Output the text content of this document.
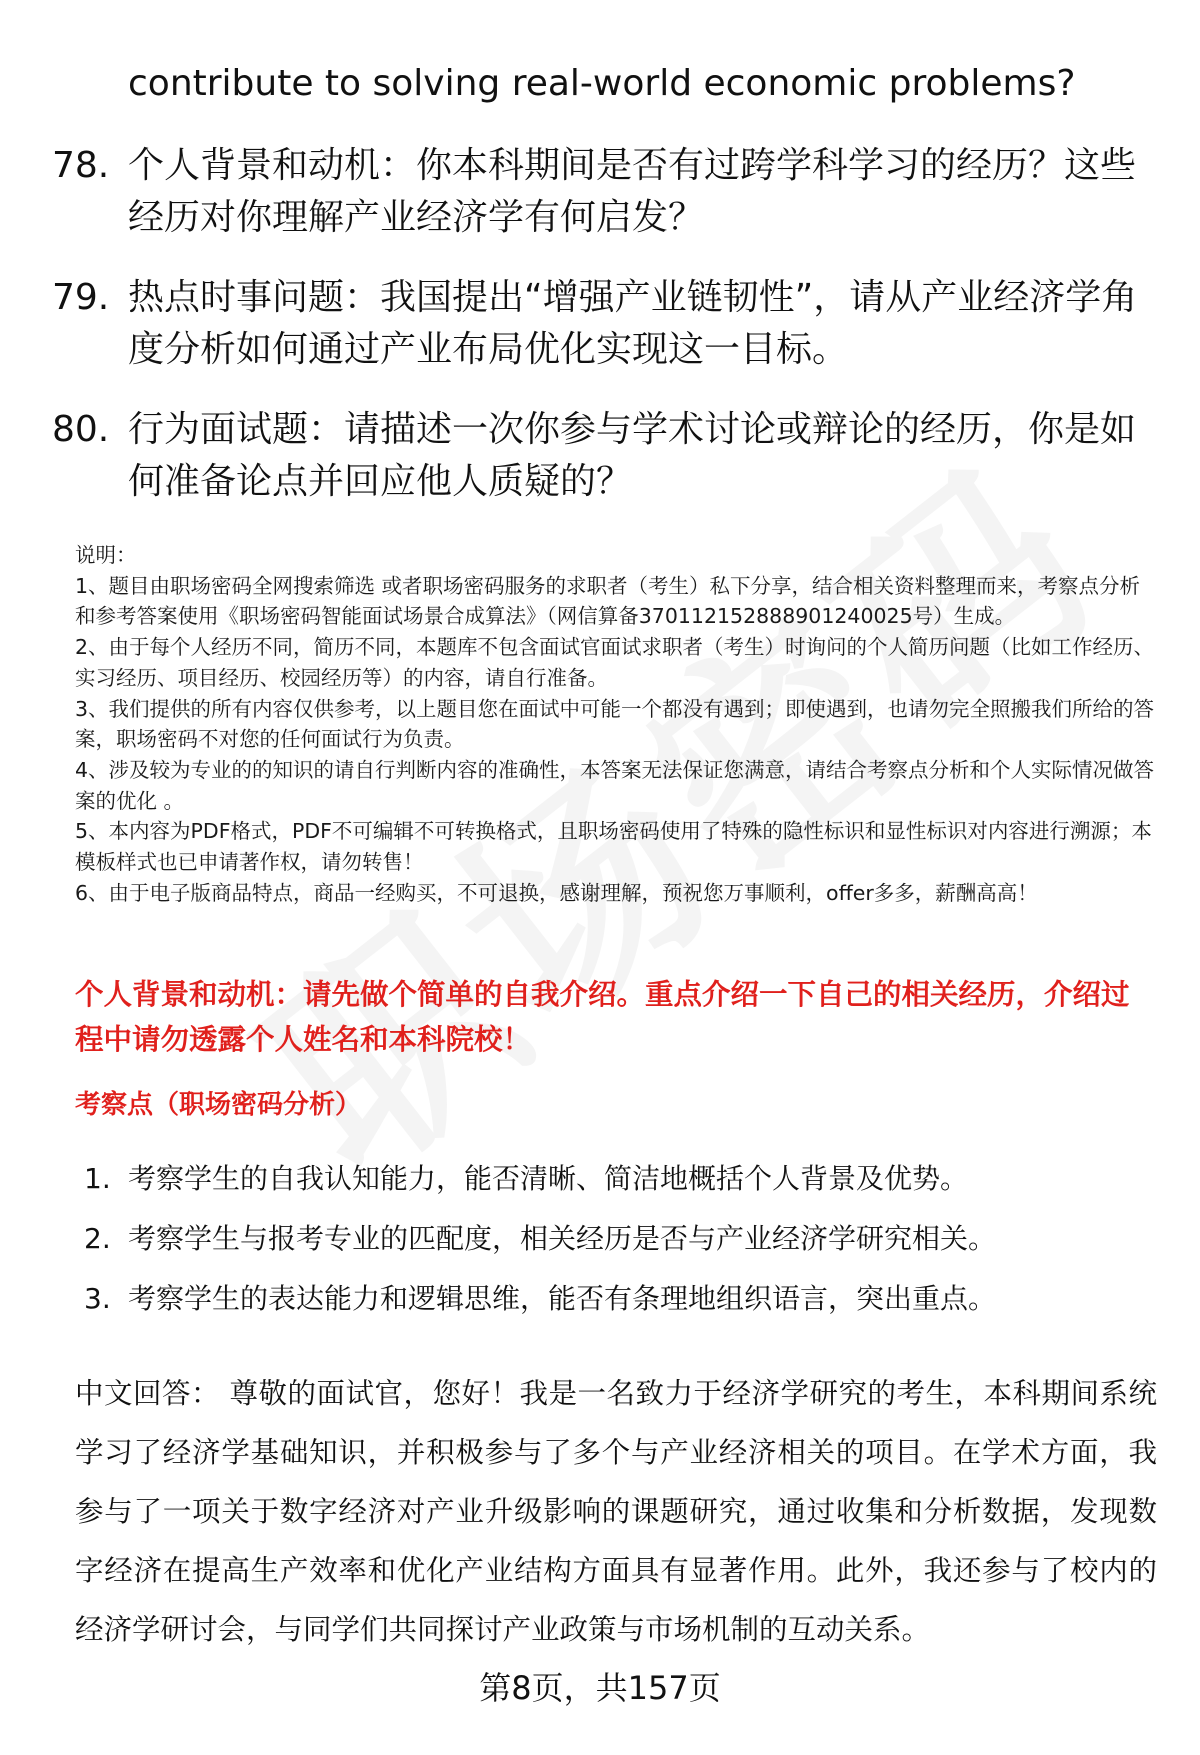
contribute to solving real-world economic problems?

78. 个人背景和动机：你本科期间是否有过跨学科学习的经历？这些经历对你理解产业经济学有何启发？
79. 热点时事问题：我国提出“增强产业链韧性”，请从产业经济学角度分析如何通过产业布局优化实现这一目标。
80. 行为面试题：请描述一次你参与学术讨论或辩论的经历，你是如何准备论点并回应他人质疑的？

说明：

1、题目由职场密码全网搜索筛选 或者职场密码服务的求职者（考生）私下分享，结合相关资料整理而来，考察点分析和参考答案使用《职场密码智能面试场景合成算法》（网信算备370112152888901240025号）生成。

2、由于每个人经历不同，简历不同，本题库不包含面试官面试求职者（考生）时询问的个人简历问题（比如工作经历、实习经历、项目经历、校园经历等）的内容，请自行准备。

3、我们提供的所有内容仅供参考，以上题目您在面试中可能一个都没有遇到；即使遇到，也请勿完全照搬我们所给的答案，职场密码不对您的任何面试行为负责。

4、涉及较为专业的的知识的请自行判断内容的准确性，本答案无法保证您满意，请结合考察点分析和个人实际情况做答案的优化 。

5、本内容为PDF格式，PDF不可编辑不可转换格式，且职场密码使用了特殊的隐性标识和显性标识对内容进行溯源；本模板样式也已申请著作权，请勿转售！

6、由于电子版商品特点，商品一经购买，不可退换，感谢理解，预祝您万事顺利，offer多多，薪酬高高！

个人背景和动机：请先做个简单的自我介绍。重点介绍一下自己的相关经历，介绍过程中请勿透露个人姓名和本科院校！

考察点（职场密码分析）

1. 考察学生的自我认知能力，能否清晰、简洁地概括个人背景及优势。
2. 考察学生与报考专业的匹配度，相关经历是否与产业经济学研究相关。
3. 考察学生的表达能力和逻辑思维，能否有条理地组织语言，突出重点。

中文回答： 尊敬的面试官，您好！我是一名致力于经济学研究的考生，本科期间系统学习了经济学基础知识，并积极参与了多个与产业经济相关的项目。在学术方面，我参与了一项关于数字经济对产业升级影响的课题研究，通过收集和分析数据，发现数字经济在提高生产效率和优化产业结构方面具有显著作用。此外，我还参与了校内的经济学研讨会，与同学们共同探讨产业政策与市场机制的互动关系。

第8页，共157页
